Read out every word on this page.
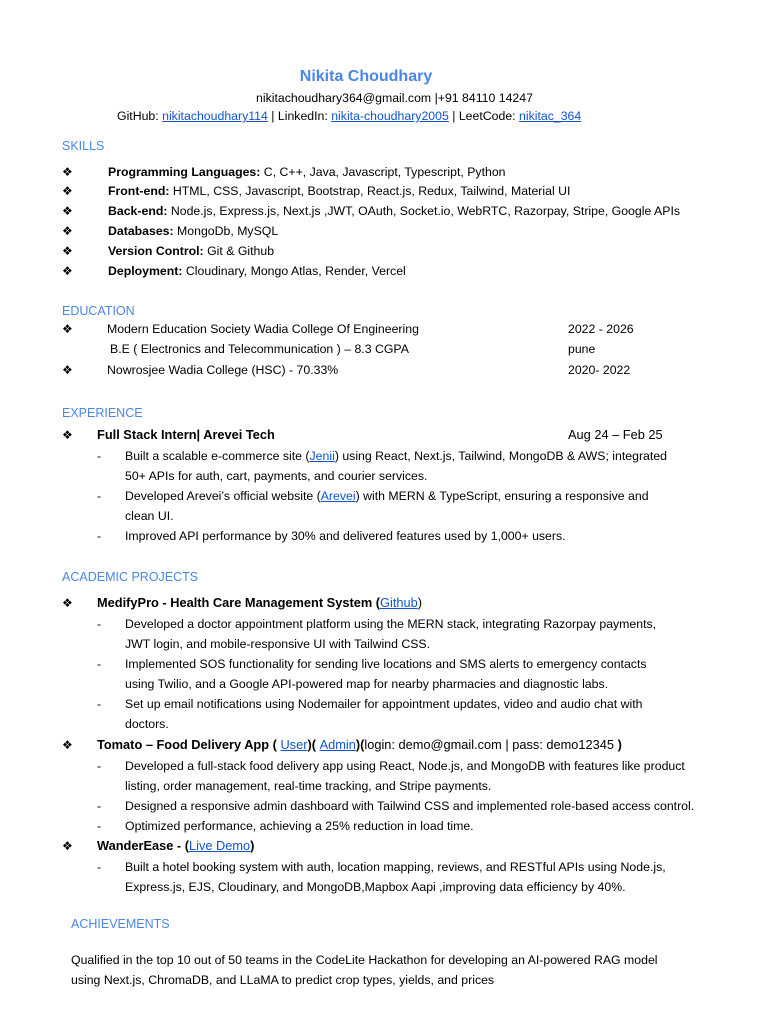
Nikita Choudhary
nikitachoudhary364@gmail.com |+91 84110 14247
GitHub: nikitachoudhary114 | LinkedIn: nikita-choudhary2005 | LeetCode: nikitac_364
SKILLS
❖	Programming Languages: C, C++, Java, Javascript, Typescript, Python
❖	Front-end: HTML, CSS, Javascript, Bootstrap, React.js, Redux, Tailwind, Material UI
❖	Back-end: Node.js, Express.js, Next.js ,JWT, OAuth, Socket.io, WebRTC, Razorpay, Stripe, Google APIs
❖	Databases: MongoDb, MySQL
❖	Version Control: Git & Github
❖	Deployment: Cloudinary, Mongo Atlas, Render, Vercel
EDUCATION
❖	Modern Education Society Wadia College Of Engineering	2022 - 2026
B.E ( Electronics and Telecommunication ) – 8.3 CGPA	pune
❖	Nowrosjee Wadia College (HSC) - 70.33%	2020- 2022
EXPERIENCE
❖ Full Stack Intern| Arevei Tech	Aug 24 – Feb 25
- Built a scalable e-commerce site (Jenii) using React, Next.js, Tailwind, MongoDB & AWS; integrated
50+ APIs for auth, cart, payments, and courier services.
- Developed Arevei’s official website (Arevei) with MERN & TypeScript, ensuring a responsive and
clean UI.
- Improved API performance by 30% and delivered features used by 1,000+ users.
ACADEMIC PROJECTS
❖ MedifyPro - Health Care Management System (Github)
- Developed a doctor appointment platform using the MERN stack, integrating Razorpay payments,
JWT login, and mobile-responsive UI with Tailwind CSS.
- Implemented SOS functionality for sending live locations and SMS alerts to emergency contacts
using Twilio, and a Google API-powered map for nearby pharmacies and diagnostic labs.
- Set up email notifications using Nodemailer for appointment updates, video and audio chat with
doctors.
❖ Tomato – Food Delivery App ( User)( Admin)(login: demo@gmail.com | pass: demo12345 )
- Developed a full-stack food delivery app using React, Node.js, and MongoDB with features like product
listing, order management, real-time tracking, and Stripe payments.
- Designed a responsive admin dashboard with Tailwind CSS and implemented role-based access control.
- Optimized performance, achieving a 25% reduction in load time.
❖ WanderEase - (Live Demo)
- Built a hotel booking system with auth, location mapping, reviews, and RESTful APIs using Node.js,
Express.js, EJS, Cloudinary, and MongoDB,Mapbox Aapi ,improving data efficiency by 40%.
ACHIEVEMENTS
Qualified in the top 10 out of 50 teams in the CodeLite Hackathon for developing an AI-powered RAG model
using Next.js, ChromaDB, and LLaMA to predict crop types, yields, and prices
